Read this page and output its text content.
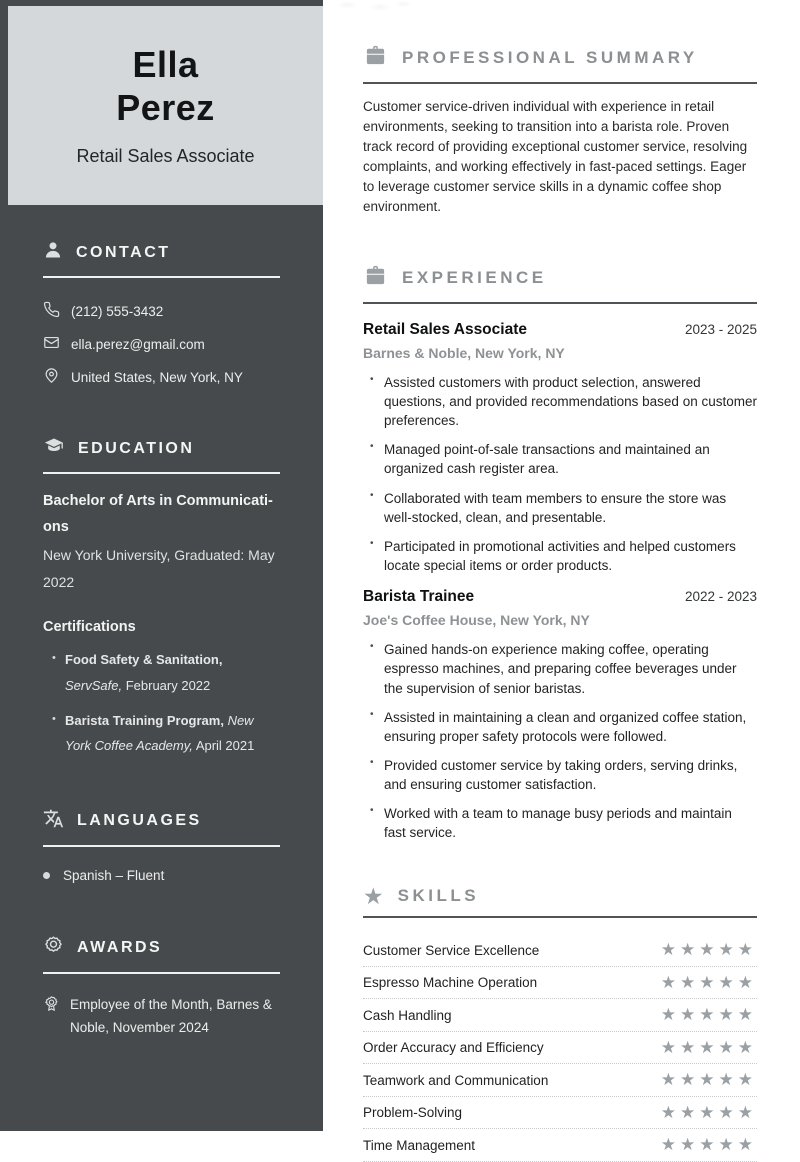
Ella
Perez
Retail Sales Associate
CONTACT
(212) 555-3432
ella.perez@gmail.com
United States, New York, NY
EDUCATION
Bachelor of Arts in Communicati-
ons
New York University, Graduated: May 2022
Certifications
• Food Safety & Sanitation, ServSafe, February 2022
• Barista Training Program, New York Coffee Academy, April 2021
LANGUAGES
Spanish – Fluent
AWARDS
Employee of the Month, Barnes & Noble, November 2024
PROFESSIONAL SUMMARY

Customer service-driven individual with experience in retail environments, seeking to transition into a barista role. Proven track record of providing exceptional customer service, resolving complaints, and working effectively in fast-paced settings. Eager to leverage customer service skills in a dynamic coffee shop environment.

EXPERIENCE
Retail Sales Associate	2023 - 2025
Barnes & Noble, New York, NY
• Assisted customers with product selection, answered questions, and provided recommendations based on customer preferences.
• Managed point-of-sale transactions and maintained an organized cash register area.
• Collaborated with team members to ensure the store was well-stocked, clean, and presentable.
• Participated in promotional activities and helped customers locate special items or order products.
Barista Trainee	2022 - 2023
Joe's Coffee House, New York, NY
• Gained hands-on experience making coffee, operating espresso machines, and preparing coffee beverages under the supervision of senior baristas.
• Assisted in maintaining a clean and organized coffee station, ensuring proper safety protocols were followed.
• Provided customer service by taking orders, serving drinks, and ensuring customer satisfaction.
• Worked with a team to manage busy periods and maintain fast service.
★ SKILLS
Customer Service Excellence	★★★★★
Espresso Machine Operation	★★★★★
Cash Handling	★★★★★
Order Accuracy and Efficiency	★★★★★
Teamwork and Communication	★★★★★
Problem-Solving	★★★★★
Time Management	★★★★★
